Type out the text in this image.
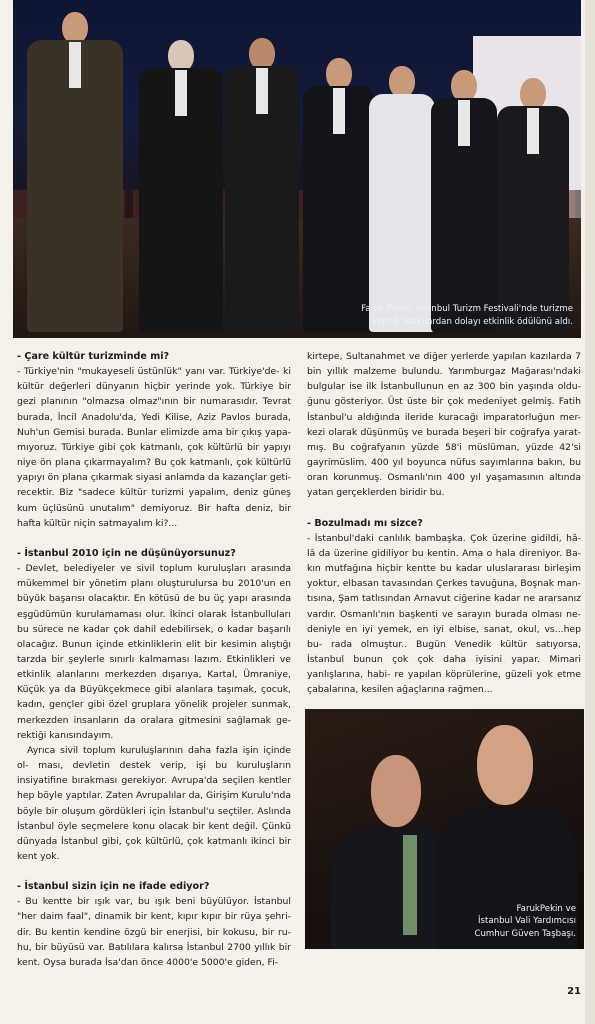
Faruk Pekin, İstanbul Turizm Festivali'nde turizme
yaptığı katkılardan dolayı etkinlik ödülünü aldı.
- Çare kültür turizminde mi?

- Türkiye'nin "mukayeseli üstünlük" yanı var. Türkiye'de- ki kültür değerleri dünyanın hiçbir yerinde yok. Türkiye bir gezi planının "olmazsa olmaz"ının bir numarasıdır. Tevrat burada, İncil Anadolu'da, Yedi Kilise, Aziz Pavlos burada, Nuh'un Gemisi burada. Bunlar elimizde ama bir çıkış yapa- mıyoruz. Türkiye gibi çok katmanlı, çok kültürlü bir yapıyı niye ön plana çıkarmayalım? Bu çok katmanlı, çok kültürlü yapıyı ön plana çıkarmak siyasi anlamda da kazançlar geti- recektir. Biz "sadece kültür turizmi yapalım, deniz güneş kum üçlüsünü unutalım" demiyoruz. Bir hafta deniz, bir hafta kültür niçin satmayalım ki?...

- İstanbul 2010 için ne düşünüyorsunuz?

- Devlet, belediyeler ve sivil toplum kuruluşları arasında mükemmel bir yönetim planı oluşturulursa bu 2010'un en büyük başarısı olacaktır. En kötüsü de bu üç yapı arasında eşgüdümün kurulamaması olur. İkinci olarak İstanbulluları bu sürece ne kadar çok dahil edebilirsek, o kadar başarılı olacağız. Bunun içinde etkinliklerin elit bir kesimin alıştığı tarzda bir şeylerle sınırlı kalmaması lazım. Etkinlikleri ve etkinlik alanlarını merkezden dışarıya, Kartal, Ümraniye, Küçük ya da Büyükçekmece gibi alanlara taşımak, çocuk, kadın, gençler gibi özel gruplara yönelik projeler sunmak, merkezden insanların da oralara gitmesini sağlamak ge- rektiği kanısındayım.

Ayrıca sivil toplum kuruluşlarının daha fazla işin içinde ol- ması, devletin destek verip, işi bu kuruluşların insiyatifine bırakması gerekiyor. Avrupa'da seçilen kentler hep böyle yaptılar. Zaten Avrupalılar da, Girişim Kurulu'nda böyle bir oluşum gördükleri için İstanbul'u seçtiler. Aslında İstanbul öyle seçmelere konu olacak bir kent değil. Çünkü dünyada İstanbul gibi, çok kültürlü, çok katmanlı ikinci bir kent yok.

- İstanbul sizin için ne ifade ediyor?

- Bu kentte bir ışık var, bu ışık beni büyülüyor. İstanbul "her daim faal", dinamik bir kent, kıpır kıpır bir rüya şehri- dir. Bu kentin kendine özgü bir enerjisi, bir kokusu, bir ru- hu, bir büyüsü var. Batılılara kalırsa İstanbul 2700 yıllık bir kent. Oysa burada İsa'dan önce 4000'e 5000'e giden, Fi-

kirtepe, Sultanahmet ve diğer yerlerde yapılan kazılarda 7 bin yıllık malzeme bulundu. Yarımburgaz Mağarası'ndaki bulgular ise ilk İstanbullunun en az 300 bin yaşında oldu- ğunu gösteriyor. Üst üste bir çok medeniyet gelmiş. Fatih İstanbul'u aldığında ileride kuracağı imparatorluğun mer- kezi olarak düşünmüş ve burada beşeri bir coğrafya yarat- mış. Bu coğrafyanın yüzde 58'i müslüman, yüzde 42'si gayrimüslim. 400 yıl boyunca nüfus sayımlarına bakın, bu oran korunmuş. Osmanlı'nın 400 yıl yaşamasının altında yatan gerçeklerden biridir bu.

- Bozulmadı mı sizce?

- İstanbul'daki canlılık bambaşka. Çok üzerine gidildi, hâ- lâ da üzerine gidiliyor bu kentin. Ama o hala direniyor. Ba- kın mutfağına hiçbir kentte bu kadar uluslararası birleşim yoktur, elbasan tavasından Çerkes tavuğuna, Boşnak man- tısına, Şam tatlısından Arnavut ciğerine kadar ne ararsanız vardır. Osmanlı'nın başkenti ve sarayın burada olması ne- deniyle en iyi yemek, en iyi elbise, sanat, okul, vs...hep bu- rada olmuştur.. Bugün Venedik kültür satıyorsa, İstanbul bunun çok çok daha iyisini yapar. Mimari yanlışlarına, habi- re yapılan köprülerine, güzeli yok etme çabalarına, kesilen ağaçlarına rağmen...

FarukPekin ve
İstanbul Vali Yardımcısı
Cumhur Güven Taşbaşı.
21
